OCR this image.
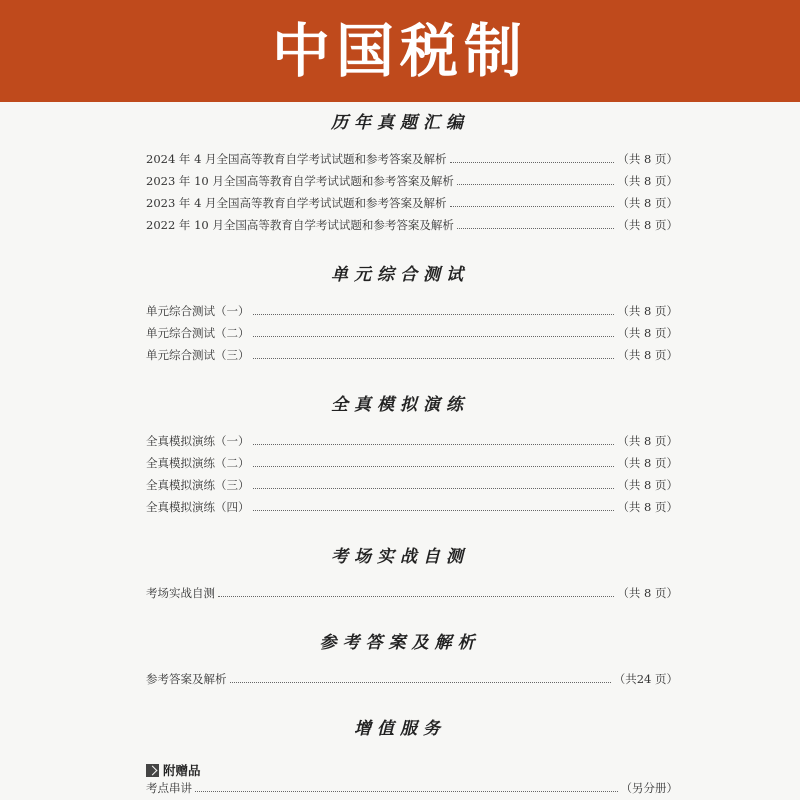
中国税制
历年真题汇编
2024 年 4 月全国高等教育自学考试试题和参考答案及解析	（共 8 页）
2023 年 10 月全国高等教育自学考试试题和参考答案及解析	（共 8 页）
2023 年 4 月全国高等教育自学考试试题和参考答案及解析	（共 8 页）
2022 年 10 月全国高等教育自学考试试题和参考答案及解析	（共 8 页）
单元综合测试
单元综合测试（一）	（共 8 页）
单元综合测试（二）	（共 8 页）
单元综合测试（三）	（共 8 页）
全真模拟演练
全真模拟演练（一）	（共 8 页）
全真模拟演练（二）	（共 8 页）
全真模拟演练（三）	（共 8 页）
全真模拟演练（四）	（共 8 页）
考场实战自测
考场实战自测	（共 8 页）
参考答案及解析
参考答案及解析	（共24 页）
增值服务
附赠品
考点串讲	（另分册）
